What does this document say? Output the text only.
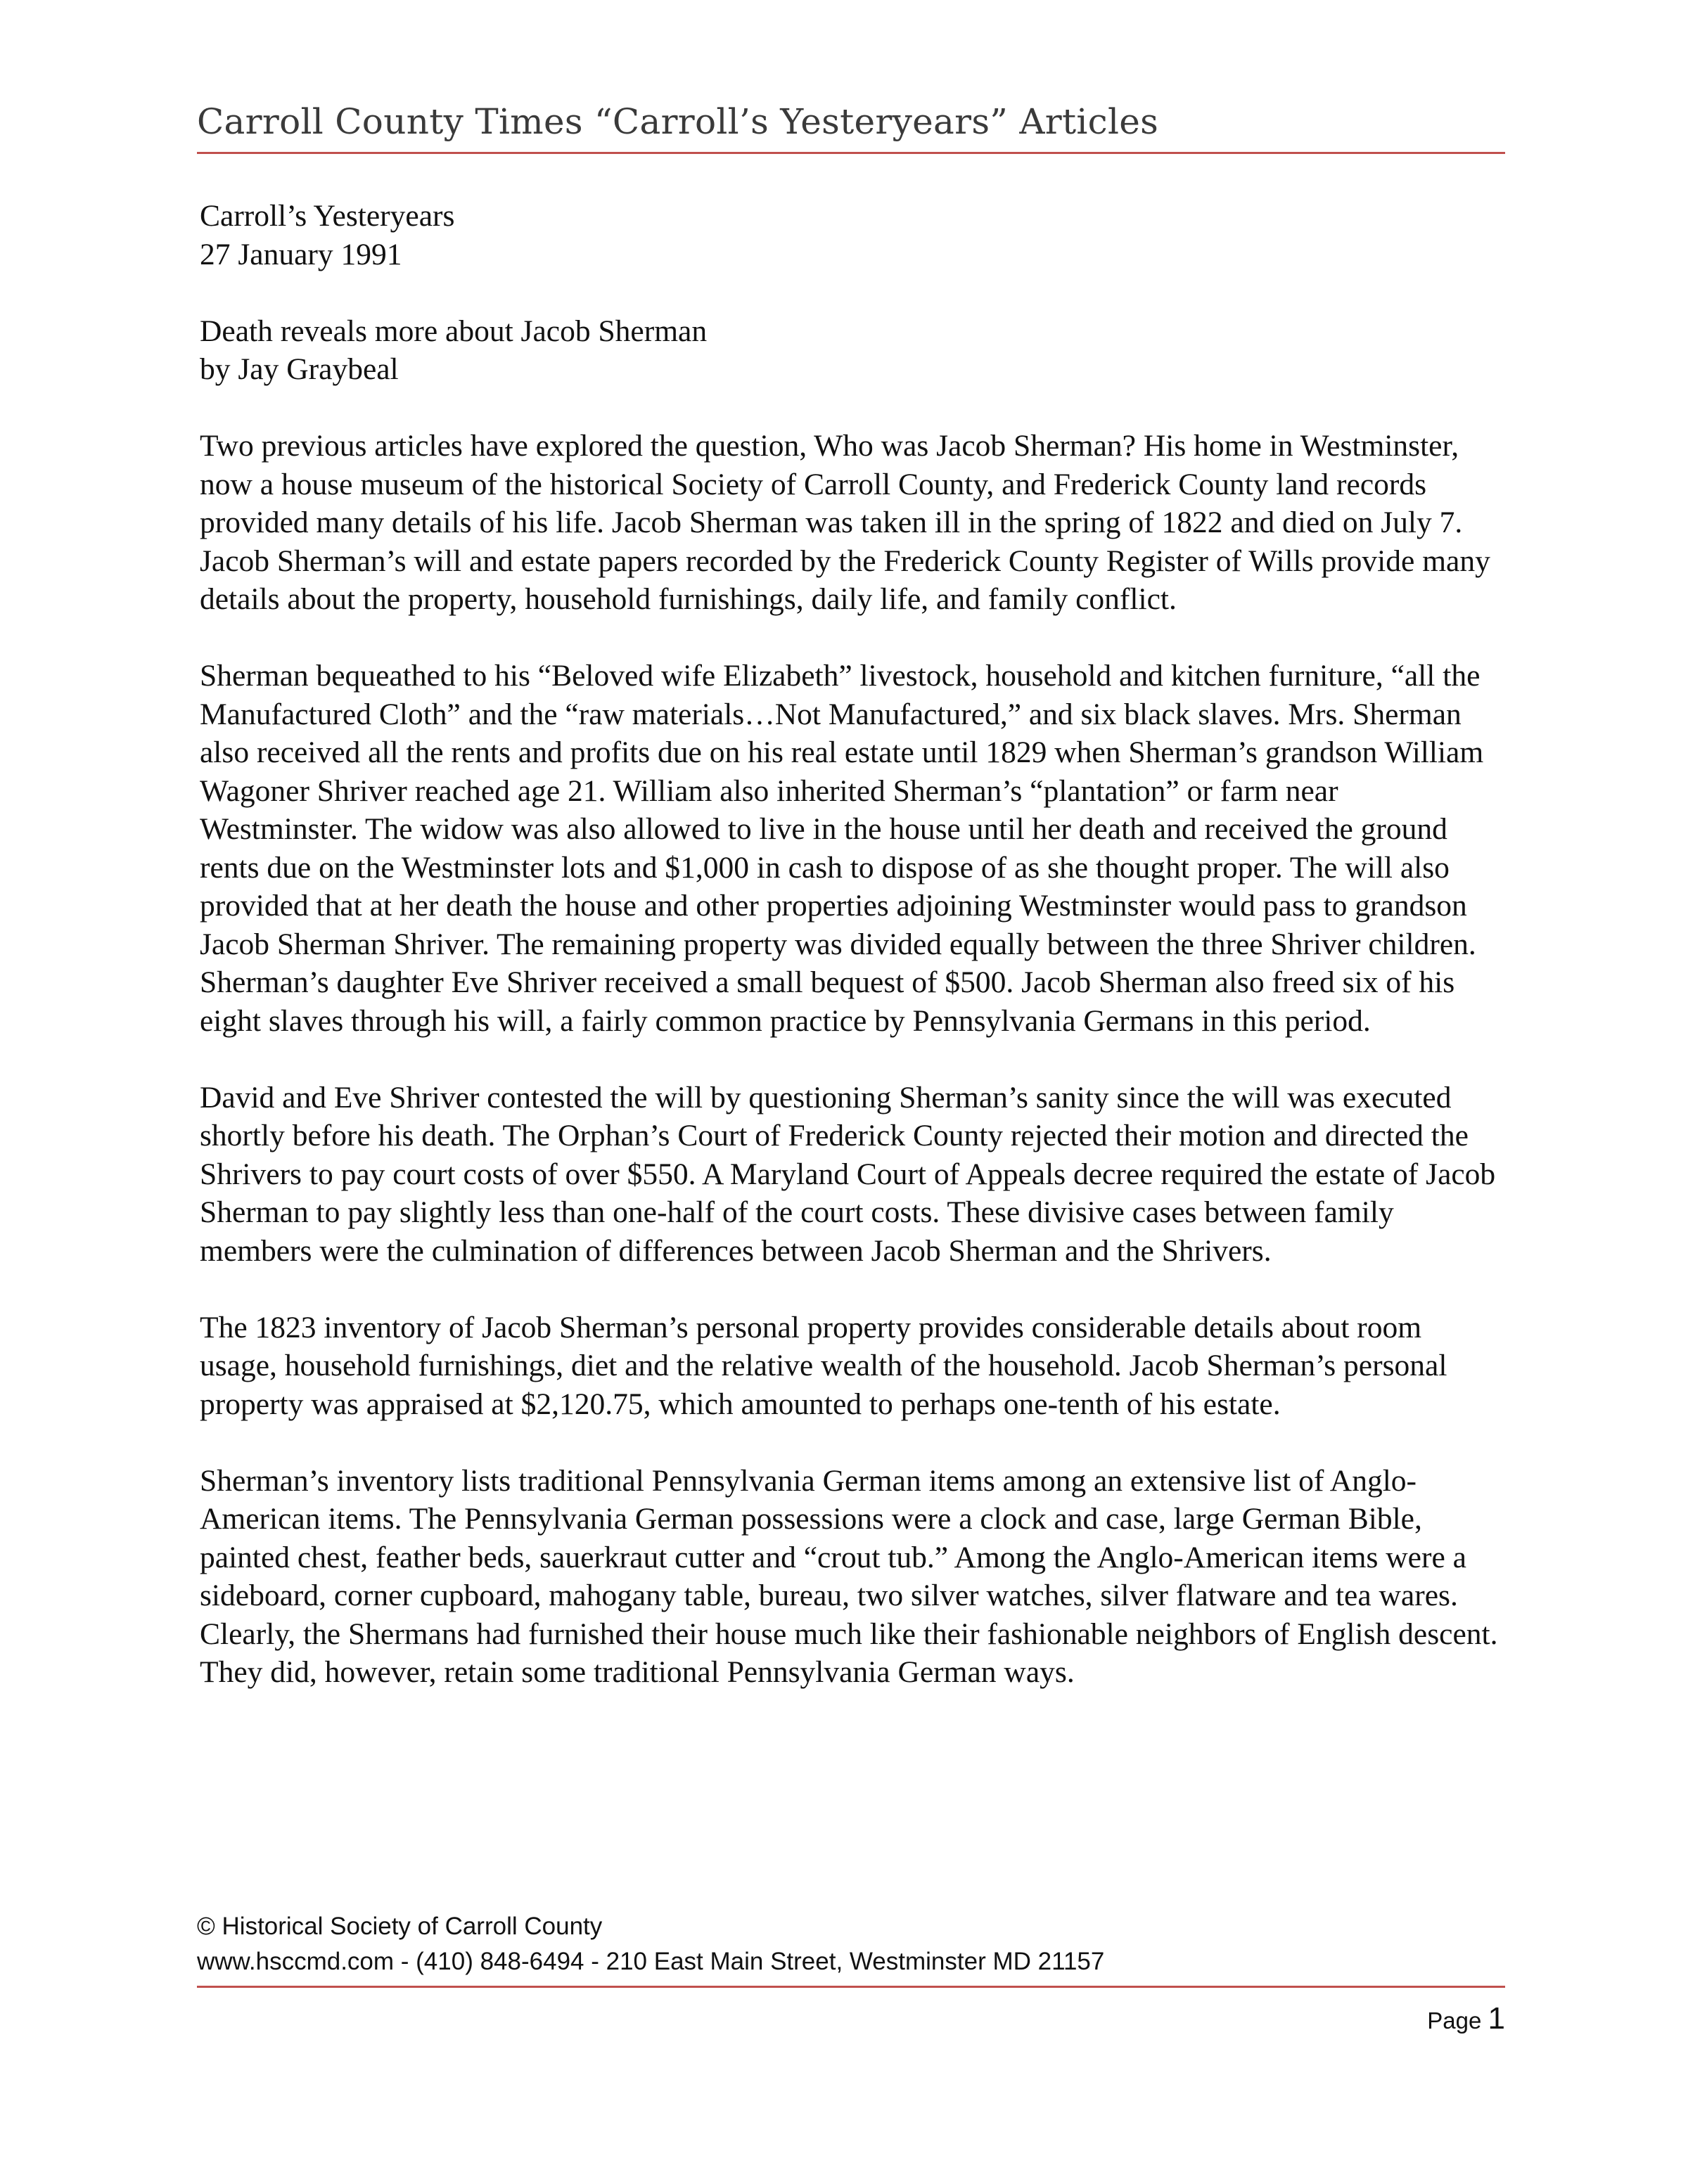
Carroll County Times “Carroll’s Yesteryears” Articles

Carroll’s Yesteryears
27 January 1991

Death reveals more about Jacob Sherman
by Jay Graybeal

Two previous articles have explored the question, Who was Jacob Sherman? His home in Westminster, now a house museum of the historical Society of Carroll County, and Frederick County land records provided many details of his life. Jacob Sherman was taken ill in the spring of 1822 and died on July 7. Jacob Sherman’s will and estate papers recorded by the Frederick County Register of Wills provide many details about the property, household furnishings, daily life, and family conflict.

Sherman bequeathed to his “Beloved wife Elizabeth” livestock, household and kitchen furniture, “all the Manufactured Cloth” and the “raw materials…Not Manufactured,” and six black slaves. Mrs. Sherman also received all the rents and profits due on his real estate until 1829 when Sherman’s grandson William Wagoner Shriver reached age 21. William also inherited Sherman’s “plantation” or farm near Westminster. The widow was also allowed to live in the house until her death and received the ground rents due on the Westminster lots and $1,000 in cash to dispose of as she thought proper. The will also provided that at her death the house and other properties adjoining Westminster would pass to grandson Jacob Sherman Shriver. The remaining property was divided equally between the three Shriver children. Sherman’s daughter Eve Shriver received a small bequest of $500. Jacob Sherman also freed six of his eight slaves through his will, a fairly common practice by Pennsylvania Germans in this period.

David and Eve Shriver contested the will by questioning Sherman’s sanity since the will was executed shortly before his death. The Orphan’s Court of Frederick County rejected their motion and directed the Shrivers to pay court costs of over $550. A Maryland Court of Appeals decree required the estate of Jacob Sherman to pay slightly less than one-half of the court costs. These divisive cases between family members were the culmination of differences between Jacob Sherman and the Shrivers.

The 1823 inventory of Jacob Sherman’s personal property provides considerable details about room usage, household furnishings, diet and the relative wealth of the household. Jacob Sherman’s personal property was appraised at $2,120.75, which amounted to perhaps one-tenth of his estate.

Sherman’s inventory lists traditional Pennsylvania German items among an extensive list of Anglo-American items. The Pennsylvania German possessions were a clock and case, large German Bible, painted chest, feather beds, sauerkraut cutter and “crout tub.” Among the Anglo-American items were a sideboard, corner cupboard, mahogany table, bureau, two silver watches, silver flatware and tea wares. Clearly, the Shermans had furnished their house much like their fashionable neighbors of English descent. They did, however, retain some traditional Pennsylvania German ways.

© Historical Society of Carroll County
www.hsccmd.com - (410) 848-6494 - 210 East Main Street, Westminster MD 21157
Page 1
